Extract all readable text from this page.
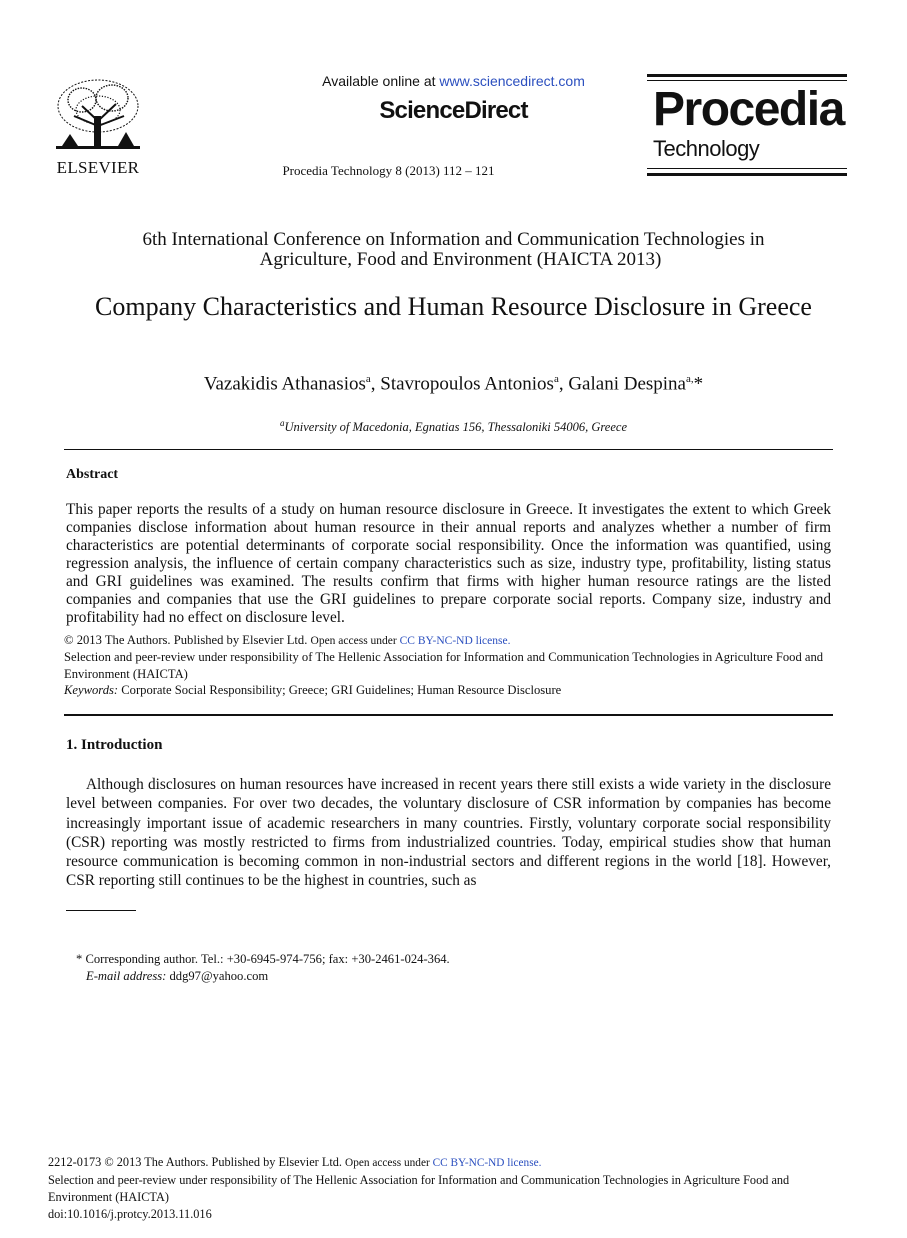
ELSEVIER
Available online at www.sciencedirect.com
ScienceDirect
Procedia Technology 8 (2013) 112 – 121
Procedia
Technology
6th International Conference on Information and Communication Technologies in
Agriculture, Food and Environment (HAICTA 2013)
Company Characteristics and Human Resource Disclosure in Greece
Vazakidis Athanasios$^a$, Stavropoulos Antonios$^a$, Galani Despina$^{a,}$*
$^a$University of Macedonia, Egnatias 156, Thessaloniki 54006, Greece
Abstract
This paper reports the results of a study on human resource disclosure in Greece. It investigates the extent to which Greek companies disclose information about human resource in their annual reports and analyzes whether a number of firm characteristics are potential determinants of corporate social responsibility. Once the information was quantified, using regression analysis, the influence of certain company characteristics such as size, industry type, profitability, listing status and GRI guidelines was examined. The results confirm that firms with higher human resource ratings are the listed companies and companies that use the GRI guidelines to prepare corporate social reports. Company size, industry and profitability had no effect on disclosure level.
© 2013 The Authors. Published by Elsevier Ltd. Open access under CC BY-NC-ND license.
Selection and peer-review under responsibility of The Hellenic Association for Information and Communication Technologies in Agriculture Food and Environment (HAICTA)
Keywords: Corporate Social Responsibility; Greece; GRI Guidelines; Human Resource Disclosure
1. Introduction
Although disclosures on human resources have increased in recent years there still exists a wide variety in the disclosure level between companies. For over two decades, the voluntary disclosure of CSR information by companies has become increasingly important issue of academic researchers in many countries. Firstly, voluntary corporate social responsibility (CSR) reporting was mostly restricted to firms from industrialized countries. Today, empirical studies show that human resource communication is becoming common in non-industrial sectors and different regions in the world [18]. However, CSR reporting still continues to be the highest in countries, such as
* Corresponding author. Tel.: +30-6945-974-756; fax: +30-2461-024-364.
E-mail address: ddg97@yahoo.com
2212-0173 © 2013 The Authors. Published by Elsevier Ltd. Open access under CC BY-NC-ND license.
Selection and peer-review under responsibility of The Hellenic Association for Information and Communication Technologies in Agriculture Food and Environment (HAICTA)
doi:10.1016/j.protcy.2013.11.016
